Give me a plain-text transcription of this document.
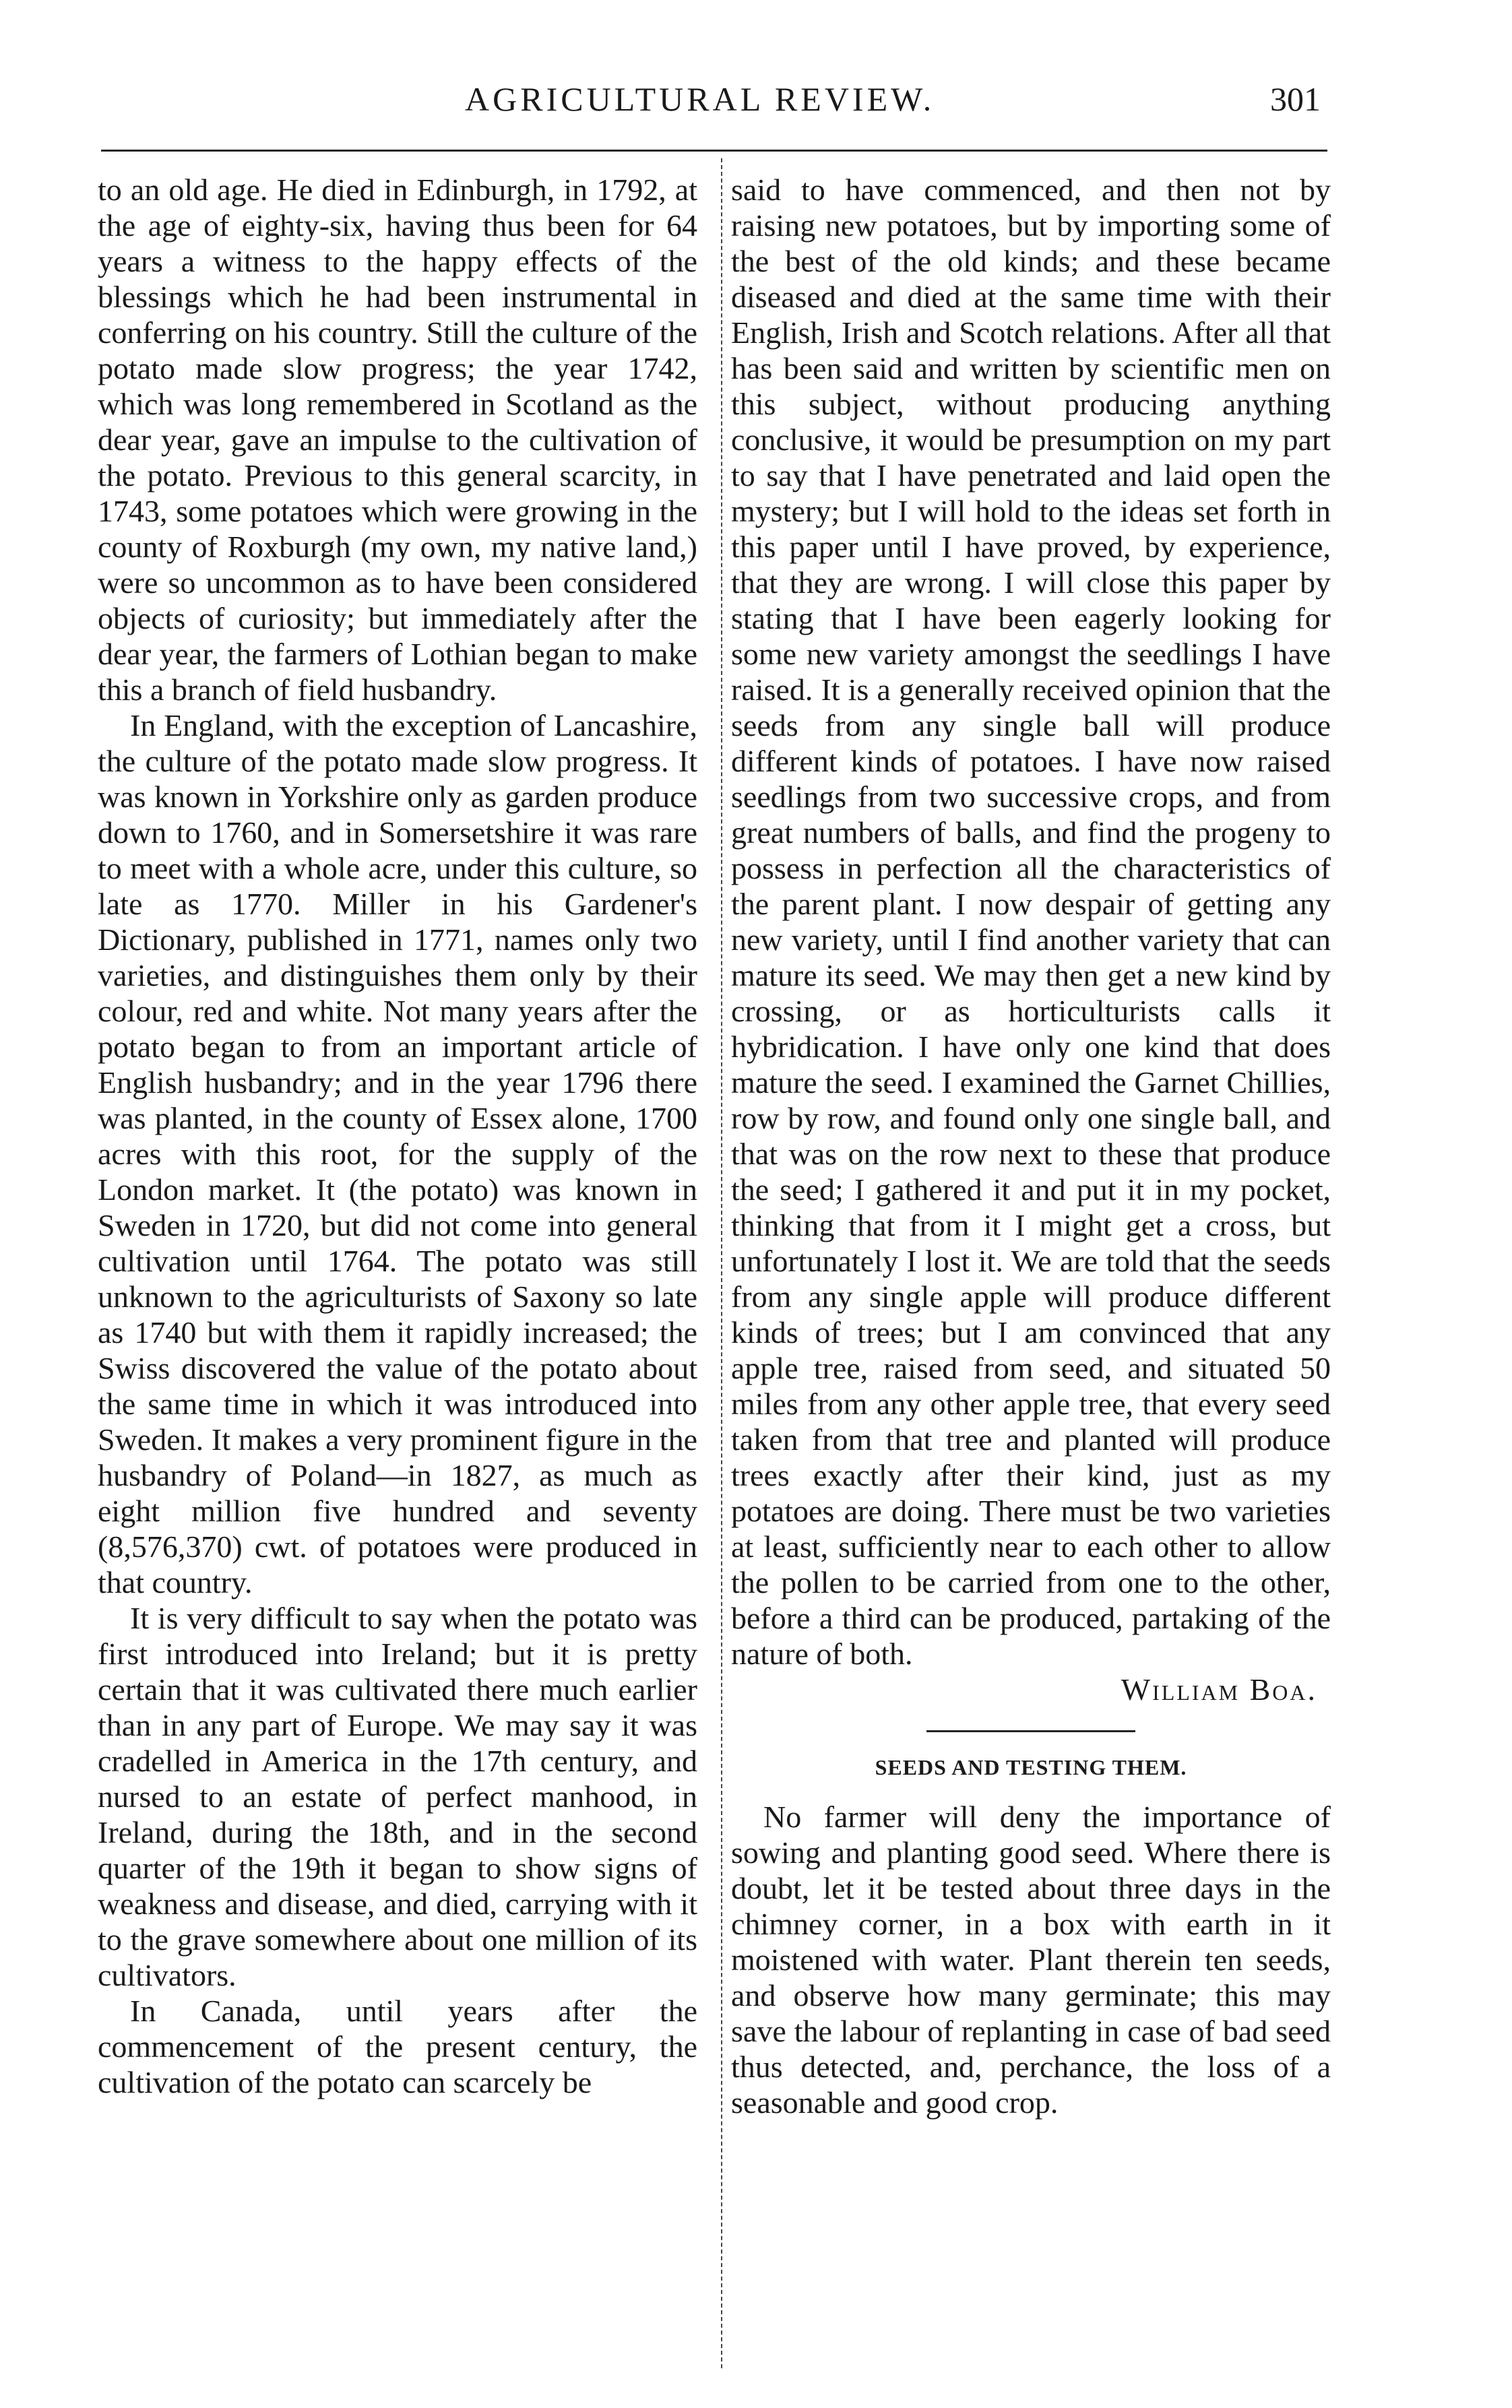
AGRICULTURAL REVIEW.	301

to an old age. He died in Edinburgh, in 1792, at the age of eighty-six, having thus been for 64 years a witness to the happy effects of the blessings which he had been instrumental in conferring on his country. Still the culture of the potato made slow progress; the year 1742, which was long remembered in Scotland as the dear year, gave an impulse to the cultivation of the potato. Previous to this general scarcity, in 1743, some potatoes which were growing in the county of Roxburgh (my own, my native land,) were so uncommon as to have been considered objects of curiosity; but immediately after the dear year, the farmers of Lothian began to make this a branch of field husbandry.

In England, with the exception of Lancashire, the culture of the potato made slow progress. It was known in Yorkshire only as garden produce down to 1760, and in Somersetshire it was rare to meet with a whole acre, under this culture, so late as 1770. Miller in his Gardener's Dictionary, published in 1771, names only two varieties, and distinguishes them only by their colour, red and white. Not many years after the potato began to from an important article of English husbandry; and in the year 1796 there was planted, in the county of Essex alone, 1700 acres with this root, for the supply of the London market. It (the potato) was known in Sweden in 1720, but did not come into general cultivation until 1764. The potato was still unknown to the agriculturists of Saxony so late as 1740 but with them it rapidly increased; the Swiss discovered the value of the potato about the same time in which it was introduced into Sweden. It makes a very prominent figure in the husbandry of Poland—in 1827, as much as eight million five hundred and seventy (8,576,370) cwt. of potatoes were produced in that country.

It is very difficult to say when the potato was first introduced into Ireland; but it is pretty certain that it was cultivated there much earlier than in any part of Europe. We may say it was cradelled in America in the 17th century, and nursed to an estate of perfect manhood, in Ireland, during the 18th, and in the second quarter of the 19th it began to show signs of weakness and disease, and died, carrying with it to the grave somewhere about one million of its cultivators.

In Canada, until years after the commencement of the present century, the cultivation of the potato can scarcely be

said to have commenced, and then not by raising new potatoes, but by importing some of the best of the old kinds; and these became diseased and died at the same time with their English, Irish and Scotch relations. After all that has been said and written by scientific men on this subject, without producing anything conclusive, it would be presumption on my part to say that I have penetrated and laid open the mystery; but I will hold to the ideas set forth in this paper until I have proved, by experience, that they are wrong. I will close this paper by stating that I have been eagerly looking for some new variety amongst the seedlings I have raised. It is a generally received opinion that the seeds from any single ball will produce different kinds of potatoes. I have now raised seedlings from two successive crops, and from great numbers of balls, and find the progeny to possess in perfection all the characteristics of the parent plant. I now despair of getting any new variety, until I find another variety that can mature its seed. We may then get a new kind by crossing, or as horticulturists calls it hybridication. I have only one kind that does mature the seed. I examined the Garnet Chillies, row by row, and found only one single ball, and that was on the row next to these that produce the seed; I gathered it and put it in my pocket, thinking that from it I might get a cross, but unfortunately I lost it. We are told that the seeds from any single apple will produce different kinds of trees; but I am convinced that any apple tree, raised from seed, and situated 50 miles from any other apple tree, that every seed taken from that tree and planted will produce trees exactly after their kind, just as my potatoes are doing. There must be two varieties at least, sufficiently near to each other to allow the pollen to be carried from one to the other, before a third can be produced, partaking of the nature of both.

William Boa.

SEEDS AND TESTING THEM.

No farmer will deny the importance of sowing and planting good seed. Where there is doubt, let it be tested about three days in the chimney corner, in a box with earth in it moistened with water. Plant therein ten seeds, and observe how many germinate; this may save the labour of replanting in case of bad seed thus detected, and, perchance, the loss of a seasonable and good crop.
